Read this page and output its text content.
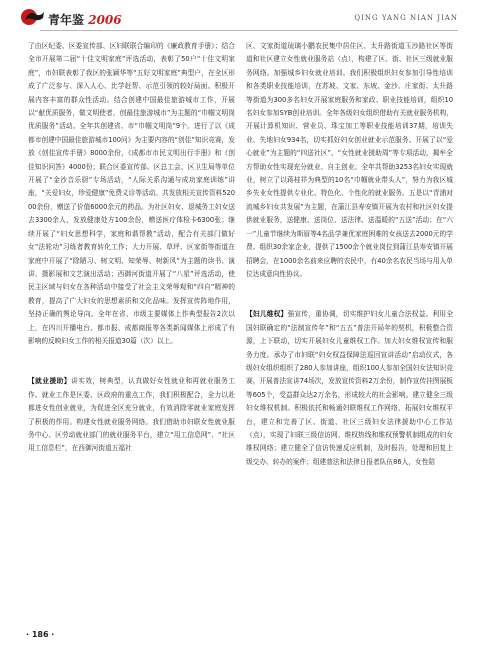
青年鉴 2006	QING YANG NIAN JIAN

了由区纪委、区委宣传部、区妇联联合编印的《廉政教育手册》；结合全市开展第二届“十佳文明家庭”评选活动，表彰了50户“十佳文明家庭”，市妇联表彰了我区的张颖华等“五好文明家庭”典型户，在全区形成了广泛参与、深入人心、比学赶帮、示范引领的较好局面。积极开展内容丰富的群众性活动。结合创建中国最佳旅游城市工作，开展以“献优质服务，做文明使者，创最佳旅游城市”为主题的“巾帼文明岗优质服务”活动。全年共创建省、市“巾帼文明岗”9个。进行了以《成都市创建中国最佳旅游城市100问》为主要内容的“创佳”知识竞赛，发放《创佳宣传手册》8000余份，《成都市市民文明出行手册》和《创佳知识问答》4000份；联合区委宣传部、区总工会、区卫生局等单位开展了“金沙音乐厨”专场活动，“人际关系沟通与成功家庭训练”讲座，“关爱妇女，珍爱健康”免费义诊等活动。共发放相关宣传资料52000余份，赠送了价值6000余元的药品。为社区妇女、退城务工妇女送去3300余人，发放健康处方100余份，赠送医疗体检卡6300张；继续开展了“妇女思想科学，家庭和谐帮教”活动，配合有关部门做好女“法轮功”习练者教育转化工作；大力开展、草坪、区家街等街道在家庭中开展了“除陋习、树文明、知荣辱、树新风”为主题的读书、演讲、摄影展和文艺演出活动；西御河街道开展了“八星”评选活动，使民主区域与妇女在各种活动中接受了社会主义荣辱观和“四自”精神的教育，提高了广大妇女的思想素质和文化品味。发挥宣传阵地作用，坚持正确的舆论导向。全年在省、市级主要媒体上作典型报告2次以上，在四川开播电台、都市报、成都商报等各类新闻媒体上形成了有影响的反映妇女工作的相关报道30篇（次）以上。

【就业援助】讲实效，树典型，认真做好女性就业和再就业服务工作。就业工作是区委、区政府的重点工作，我们积极配合，全力以赴都进女性创业就业，为促进全区充分就业，有效消除零就业家庭发挥了积极的作用。构建女性就业服务网络。我们借助市妇联女性就业服务中心、区劳动就业部门的就业服务平台，建立“用工信息网”、“社区用工信息栏”，在西御河街道五福社

区、文家街道琉璃小鹏农民集中居住区、太升路街道玉沙路社区等街道和社区建立女性就业服务站（点），构建了区、街、社区三级就业服务网络。加强城乡妇女就业培训。我们积极组织妇女参加引导性培训和各类职业技能培训，在苏坡、文家、东坡、金沙、庄家街、太升路等街道为300多名妇女开展家庭服务和家政、职业技能培训，组织10名妇女参加SYB创业培训。全年各级妇女组织借助有关就业服务机构，开展计算机知识、营业员、珠宝加工等职业技能培训37期，培训失业、失地妇女934名，切实抓好妇女创业就业示范服务。开展了以“爱心就业”为主题的“四送社区”、“女性就业援助周”等专项活动，揭牟全方帮助女性实现充分就业、自主创业。全年共帮助3253名妇女实现就业，树立了以蒋桂祥为典型的10名“巾帼就业带头人”，努力为我区城乡失业女性提供专业化、特色化、个性化的就业服务。五是以“青浦对流城乡妇女共发展”为主题，在蒲江县寿安镇开展为农村和社区妇女提供就业服务，送健康、送岗位、送法律、送温暖的“五送”活动；在“六一”儿童节继续为斯眉等4名品学兼优家庭困难的女孩送去2000元的学费。组织30余家企业，提供了1500余个就业岗位到蒲江县寿安镇开展招聘会，在1000余名前来应聘的农民中，有40余名农民当场与用人单位达成意向性协议。

【妇儿维权】强宣传，重协调，切实维护妇女儿童合法权益。利用全国妇联确定的“法制宣传年”和“五五”普法开局年的契机，积极整合资源，上下联动，切实开展妇女儿童维权工作。加大妇女维权宣传和服务力度。承办了市妇联“妇女权益保障法巡回宣讲活动”启动仪式，各级妇女组织组织了280人参加讲座，组织100人参加全国妇女法知识竞赛，开展普法宣讲74场次，发放宣传资料2万余份，制作宣传挂图展板等605个，受益群众达2万余名，形成较大的社会影响。建立健全三级妇女维权机制。积极依托和畅通妇联维权工作网络，拓展妇女维权平台，建立和完善了区、街道、社区三级妇女法律援助中心工作站（点），实现了妇联三级信访网、维权热线和维权预警机制组成的妇女维权网络；建立健全了信访快速反应机制，及时报告，处理和回复上级交办、转办的案件；组建普法和法律日报者队伍86人，女性陪

· 186 ·
